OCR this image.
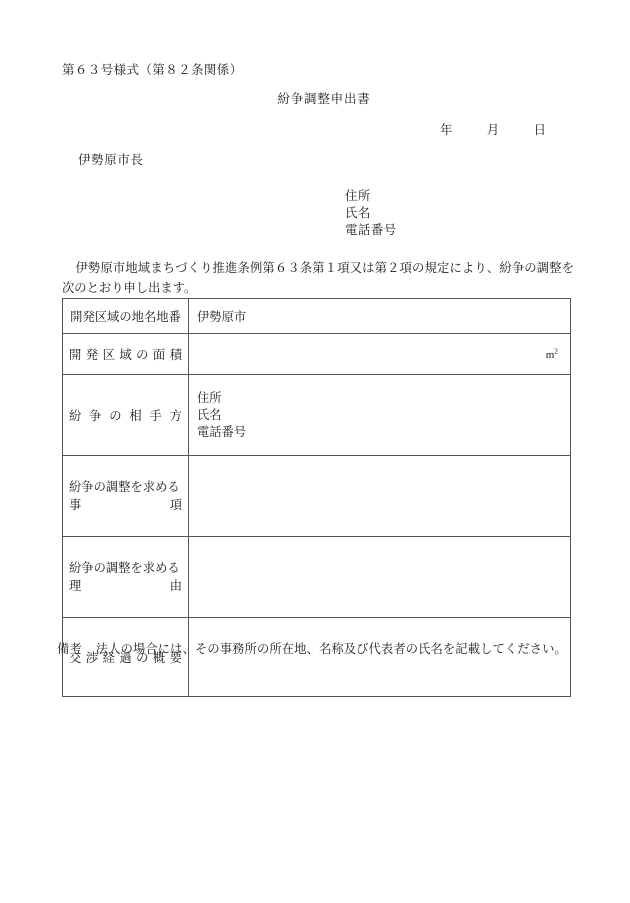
第６３号様式（第８２条関係）
紛争調整申出書
年	月	日
伊勢原市長
住所
氏名
電話番号
伊勢原市地域まちづくり推進条例第６３条第１項又は第２項の規定により、紛争の調整を次のとおり申し出ます。
開発区域の地名地番	伊勢原市

開発区域の面積	$m^2$

紛争の相手方	住所
氏名
電話番号

紛争の調整を求める
事項	

紛争の調整を求める
理由	

交渉経過の概要	

備考 法人の場合には、その事務所の所在地、名称及び代表者の氏名を記載してください。
